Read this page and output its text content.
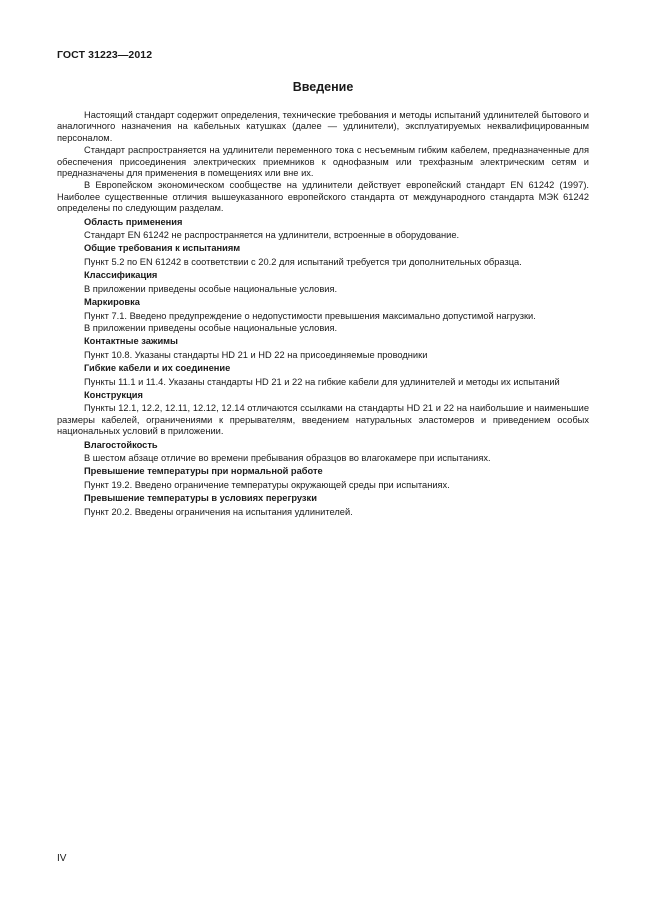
ГОСТ 31223—2012
Введение

Настоящий стандарт содержит определения, технические требования и методы испытаний удлинителей бытового и аналогичного назначения на кабельных катушках (далее — удлинители), эксплуатируемых неквалифицированным персоналом.

Стандарт распространяется на удлинители переменного тока с несъемным гибким кабелем, предназначенные для обеспечения присоединения электрических приемников к однофазным или трехфазным электрическим сетям и предназначены для применения в помещениях или вне их.

В Европейском экономическом сообществе на удлинители действует европейский стандарт EN 61242 (1997). Наиболее существенные отличия вышеуказанного европейского стандарта от международного стандарта МЭК 61242 определены по следующим разделам.

Область применения

Стандарт EN 61242 не распространяется на удлинители, встроенные в оборудование.

Общие требования к испытаниям

Пункт 5.2 по EN 61242 в соответствии с 20.2 для испытаний требуется три дополнительных образца.

Классификация

В приложении приведены особые национальные условия.

Маркировка

Пункт 7.1. Введено предупреждение о недопустимости превышения максимально допустимой нагрузки.

В приложении приведены особые национальные условия.

Контактные зажимы

Пункт 10.8. Указаны стандарты HD 21 и HD 22 на присоединяемые проводники

Гибкие кабели и их соединение

Пункты 11.1 и 11.4. Указаны стандарты HD 21 и 22 на гибкие кабели для удлинителей и методы их испытаний

Конструкция

Пункты 12.1, 12.2, 12.11, 12.12, 12.14 отличаются ссылками на стандарты HD 21 и 22 на наибольшие и наименьшие размеры кабелей, ограничениями к прерывателям, введением натуральных эластомеров и приведением особых национальных условий в приложении.

Влагостойкость

В шестом абзаце отличие во времени пребывания образцов во влагокамере при испытаниях.

Превышение температуры при нормальной работе

Пункт 19.2. Введено ограничение температуры окружающей среды при испытаниях.

Превышение температуры в условиях перегрузки

Пункт 20.2. Введены ограничения на испытания удлинителей.

IV
